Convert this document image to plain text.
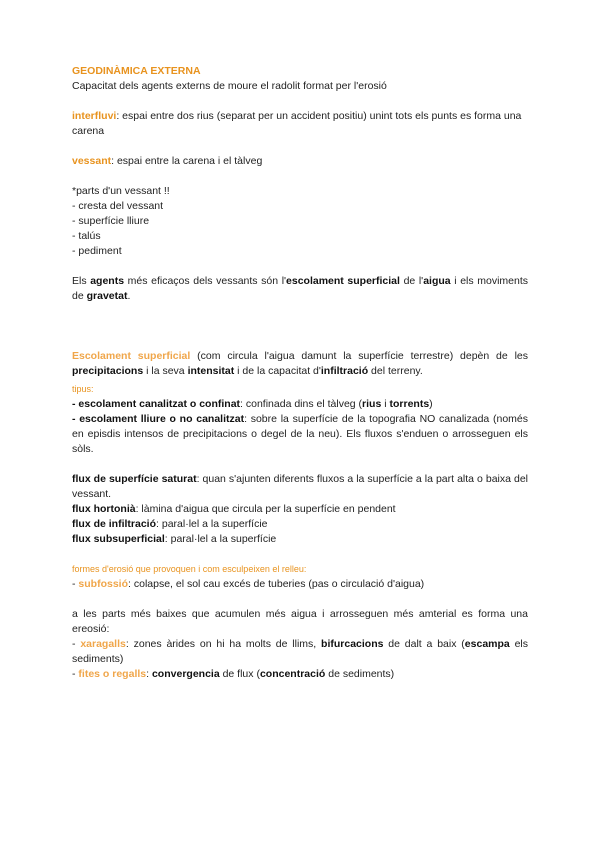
GEODINÀMICA EXTERNA

Capacitat dels agents externs de moure el radolit format per l'erosió

interfluvi: espai entre dos rius (separat per un accident positiu) unint tots els punts es forma una carena

vessant: espai entre la carena i el tàlveg

*parts d'un vessant !!

- cresta del vessant

- superfície lliure

- talús

- pediment

Els agents més eficaços dels vessants són l'escolament superficial de l'aigua i els moviments de gravetat.

Escolament superficial (com circula l'aigua damunt la superfície terrestre) depèn de les precipitacions i la seva intensitat i de la capacitat d'infiltració del terreny.

tipus:

- escolament canalitzat o confinat: confinada dins el tàlveg (rius i torrents)

- escolament lliure o no canalitzat: sobre la superfície de la topografia NO canalizada (només en episdis intensos de precipitacions o degel de la neu). Els fluxos s'enduen o arrosseguen els sòls.

flux de superfície saturat: quan s'ajunten diferents fluxos a la superfície a la part alta o baixa del vessant.

flux hortonià: làmina d'aigua que circula per la superfície en pendent

flux de infiltració: paral·lel a la superfície

flux subsuperficial: paral·lel a la superfície

formes d'erosió que provoquen i com esculpeixen el relleu:

- subfossió: colapse, el sol cau excés de tuberies (pas o circulació d'aigua)

a les parts més baixes que acumulen més aigua i arrosseguen més amterial es forma una ereosió:

- xaragalls: zones àrides on hi ha molts de llims, bifurcacions de dalt a baix (escampa els sediments)

- fites o regalls: convergencia de flux (concentració de sediments)
